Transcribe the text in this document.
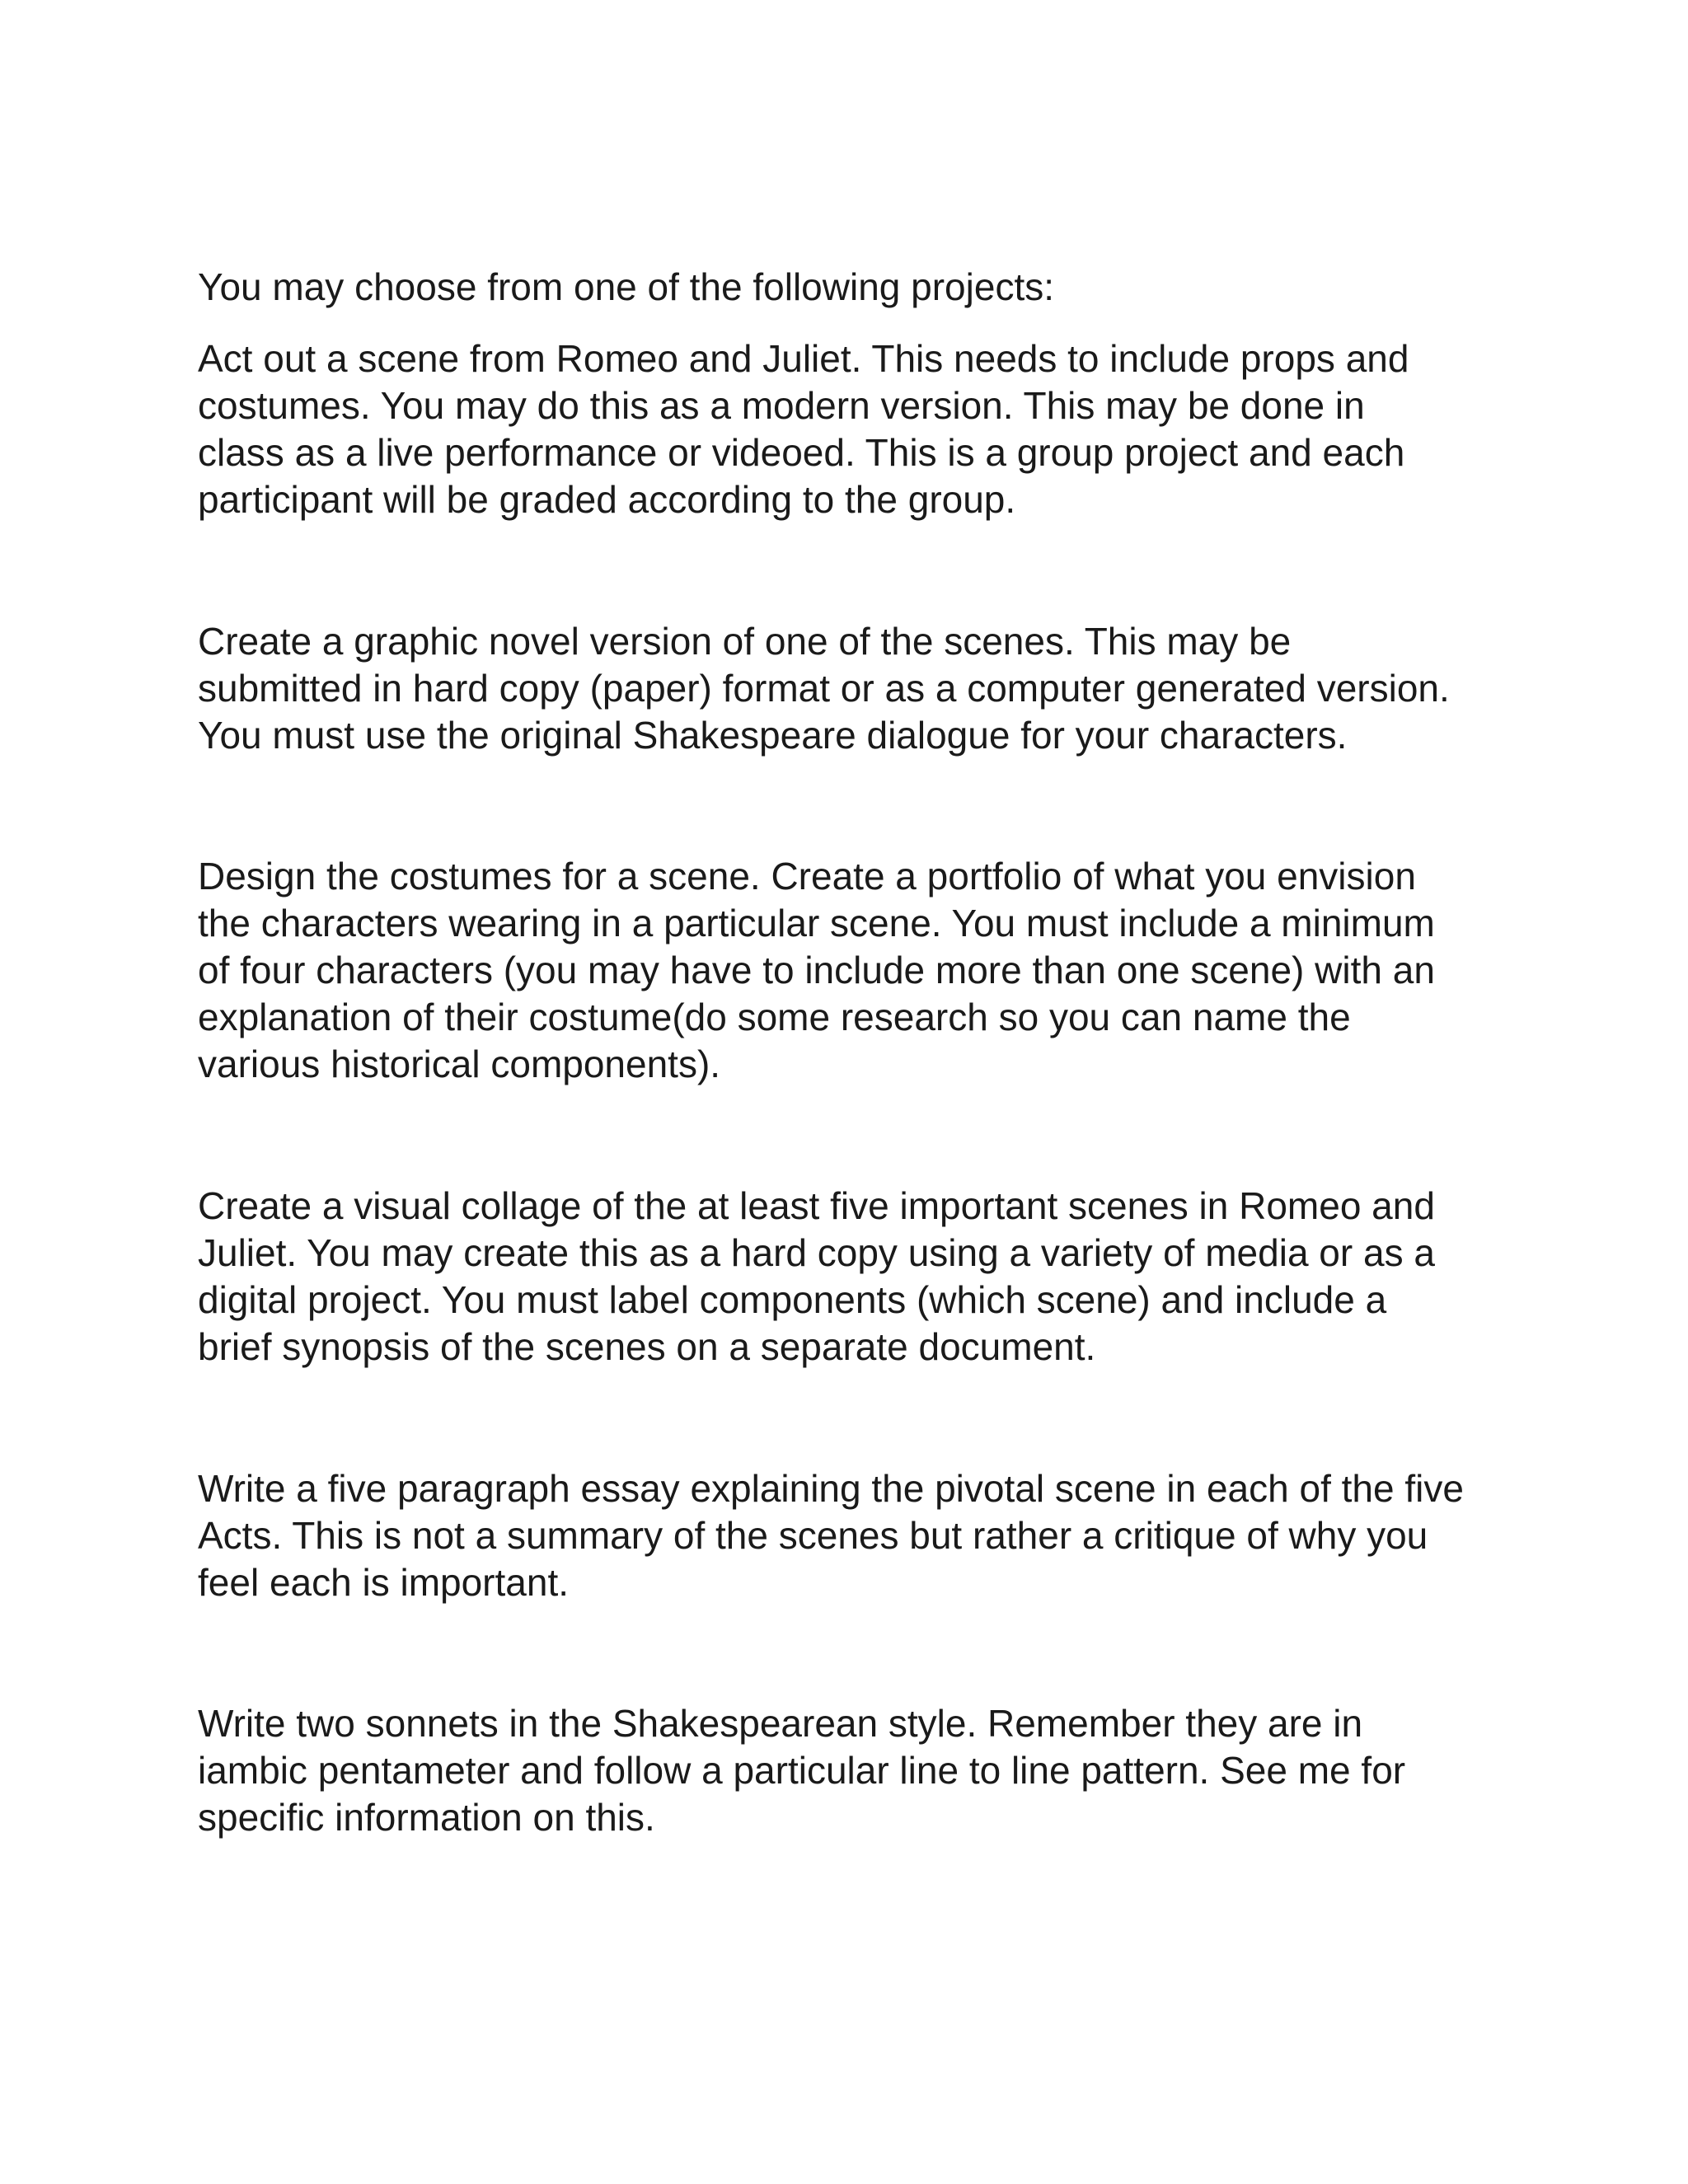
You may choose from one of the following projects:

Act out a scene from Romeo and Juliet. This needs to include props and
costumes. You may do this as a modern version. This may be done in
class as a live performance or videoed. This is a group project and each
participant will be graded according to the group.

Create a graphic novel version of one of the scenes. This may be
submitted in hard copy (paper) format or as a computer generated version.
You must use the original Shakespeare dialogue for your characters.

Design the costumes for a scene. Create a portfolio of what you envision
the characters wearing in a particular scene. You must include a minimum
of four characters (you may have to include more than one scene) with an
explanation of their costume(do some research so you can name the
various historical components).

Create a visual collage of the at least five important scenes in Romeo and
Juliet. You may create this as a hard copy using a variety of media or as a
digital project. You must label components (which scene) and include a
brief synopsis of the scenes on a separate document.

Write a five paragraph essay explaining the pivotal scene in each of the five
Acts. This is not a summary of the scenes but rather a critique of why you
feel each is important.

Write two sonnets in the Shakespearean style. Remember they are in
iambic pentameter and follow a particular line to line pattern. See me for
specific information on this.
